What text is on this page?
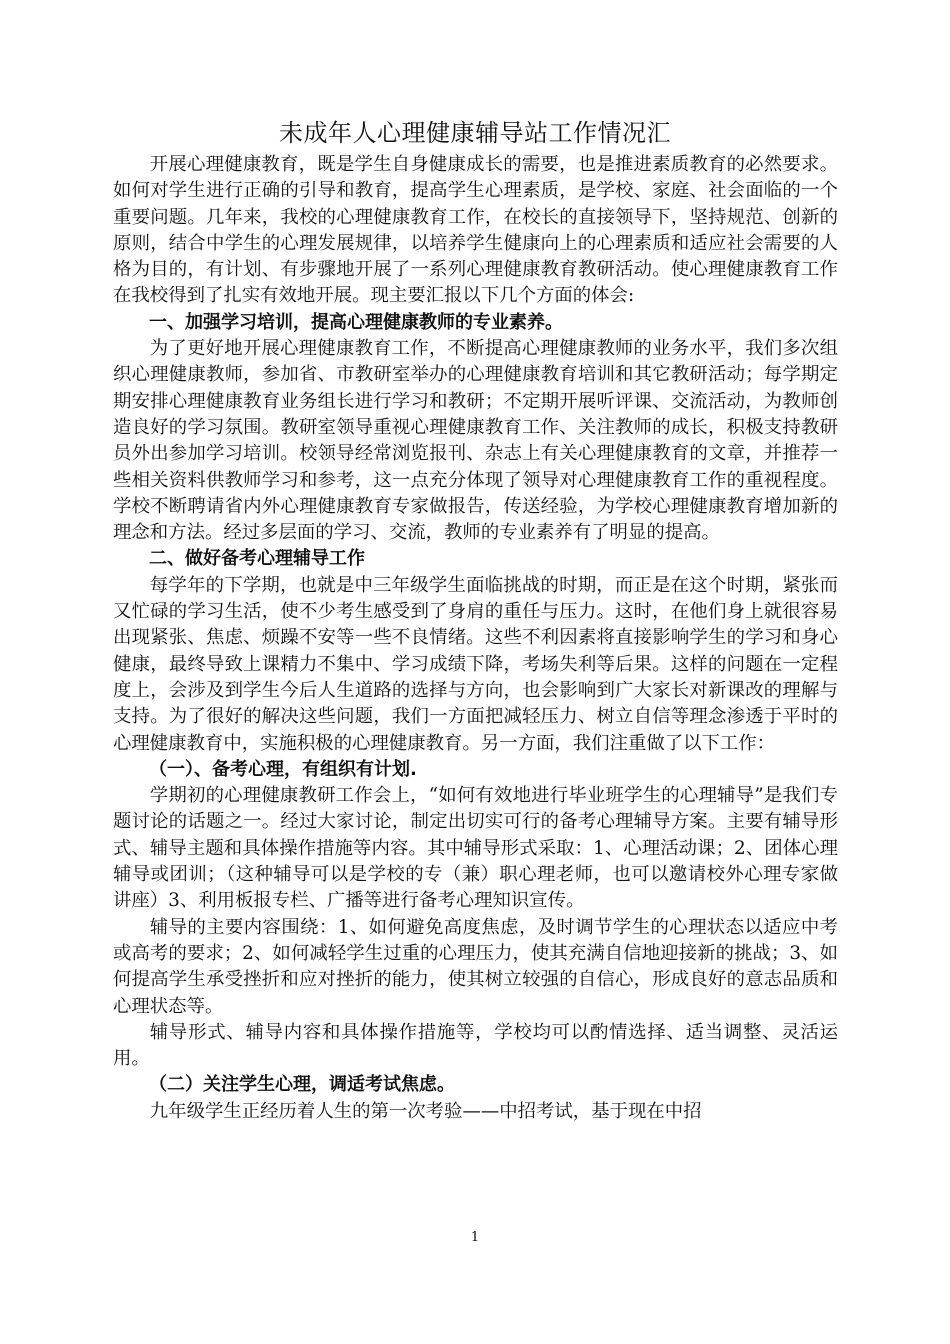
未成年人心理健康辅导站工作情况汇

开展心理健康教育，既是学生自身健康成长的需要，也是推进素质教育的必然要求。如何对学生进行正确的引导和教育，提高学生心理素质，是学校、家庭、社会面临的一个重要问题。几年来，我校的心理健康教育工作，在校长的直接领导下，坚持规范、创新的原则，结合中学生的心理发展规律，以培养学生健康向上的心理素质和适应社会需要的人格为目的，有计划、有步骤地开展了一系列心理健康教育教研活动。使心理健康教育工作在我校得到了扎实有效地开展。现主要汇报以下几个方面的体会:

一、加强学习培训，提高心理健康教师的专业素养。

为了更好地开展心理健康教育工作，不断提高心理健康教师的业务水平，我们多次组织心理健康教师，参加省、市教研室举办的心理健康教育培训和其它教研活动；每学期定期安排心理健康教育业务组长进行学习和教研；不定期开展听评课、交流活动，为教师创造良好的学习氛围。教研室领导重视心理健康教育工作、关注教师的成长，积极支持教研员外出参加学习培训。校领导经常浏览报刊、杂志上有关心理健康教育的文章，并推荐一些相关资料供教师学习和参考，这一点充分体现了领导对心理健康教育工作的重视程度。学校不断聘请省内外心理健康教育专家做报告，传送经验，为学校心理健康教育增加新的理念和方法。经过多层面的学习、交流，教师的专业素养有了明显的提高。

二、做好备考心理辅导工作

每学年的下学期，也就是中三年级学生面临挑战的时期，而正是在这个时期，紧张而又忙碌的学习生活，使不少考生感受到了身肩的重任与压力。这时，在他们身上就很容易出现紧张、焦虑、烦躁不安等一些不良情绪。这些不利因素将直接影响学生的学习和身心健康，最终导致上课精力不集中、学习成绩下降，考场失利等后果。这样的问题在一定程度上，会涉及到学生今后人生道路的选择与方向，也会影响到广大家长对新课改的理解与支持。为了很好的解决这些问题，我们一方面把减轻压力、树立自信等理念渗透于平时的心理健康教育中，实施积极的心理健康教育。另一方面，我们注重做了以下工作：

（一）、备考心理，有组织有计划.

学期初的心理健康教研工作会上，“如何有效地进行毕业班学生的心理辅导”是我们专题讨论的话题之一。经过大家讨论，制定出切实可行的备考心理辅导方案。主要有辅导形式、辅导主题和具体操作措施等内容。其中辅导形式采取：1、心理活动课；2、团体心理辅导或团训；（这种辅导可以是学校的专（兼）职心理老师，也可以邀请校外心理专家做讲座）3、利用板报专栏、广播等进行备考心理知识宣传。

辅导的主要内容围绕：1、如何避免高度焦虑，及时调节学生的心理状态以适应中考或高考的要求；2、如何减轻学生过重的心理压力，使其充满自信地迎接新的挑战；3、如何提高学生承受挫折和应对挫折的能力，使其树立较强的自信心，形成良好的意志品质和心理状态等。

辅导形式、辅导内容和具体操作措施等，学校均可以酌情选择、适当调整、灵活运用。

（二）关注学生心理，调适考试焦虑。

九年级学生正经历着人生的第一次考验——中招考试，基于现在中招

1
